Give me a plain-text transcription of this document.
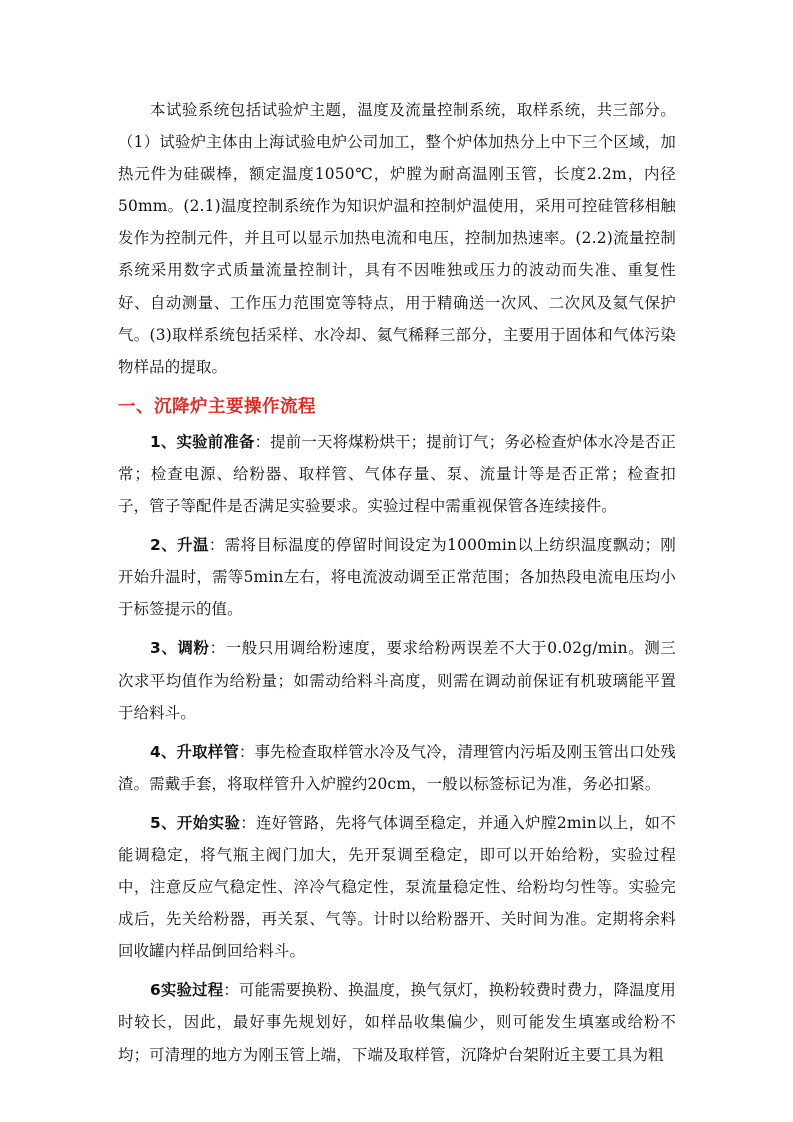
本试验系统包括试验炉主题，温度及流量控制系统，取样系统，共三部分。（1）试验炉主体由上海试验电炉公司加工，整个炉体加热分上中下三个区域，加热元件为硅碳棒，额定温度1050℃，炉膛为耐高温刚玉管，长度2.2m，内径50mm。(2.1)温度控制系统作为知识炉温和控制炉温使用，采用可控硅管移相触发作为控制元件，并且可以显示加热电流和电压，控制加热速率。(2.2)流量控制系统采用数字式质量流量控制计，具有不因唯独或压力的波动而失准、重复性好、自动测量、工作压力范围宽等特点，用于精确送一次风、二次风及氦气保护气。(3)取样系统包括采样、水冷却、氦气稀释三部分，主要用于固体和气体污染物样品的提取。

一、沉降炉主要操作流程

1、实验前准备：提前一天将煤粉烘干；提前订气；务必检查炉体水冷是否正常；检查电源、给粉器、取样管、气体存量、泵、流量计等是否正常；检查扣子，管子等配件是否满足实验要求。实验过程中需重视保管各连续接件。

2、升温：需将目标温度的停留时间设定为1000min以上纺织温度飘动；刚开始升温时，需等5min左右，将电流波动调至正常范围；各加热段电流电压均小于标签提示的值。

3、调粉：一般只用调给粉速度，要求给粉两误差不大于0.02g/min。测三次求平均值作为给粉量；如需动给料斗高度，则需在调动前保证有机玻璃能平置于给料斗。

4、升取样管：事先检查取样管水冷及气冷，清理管内污垢及刚玉管出口处残渣。需戴手套，将取样管升入炉膛约20cm，一般以标签标记为准，务必扣紧。

5、开始实验：连好管路，先将气体调至稳定，并通入炉膛2min以上，如不能调稳定，将气瓶主阀门加大，先开泵调至稳定，即可以开始给粉，实验过程中，注意反应气稳定性、淬冷气稳定性，泵流量稳定性、给粉均匀性等。实验完成后，先关给粉器，再关泵、气等。计时以给粉器开、关时间为准。定期将余料回收罐内样品倒回给料斗。

6实验过程：可能需要换粉、换温度，换气氛灯，换粉较费时费力，降温度用时较长，因此，最好事先规划好，如样品收集偏少，则可能发生填塞或给粉不均；可清理的地方为刚玉管上端，下端及取样管，沉降炉台架附近主要工具为粗
